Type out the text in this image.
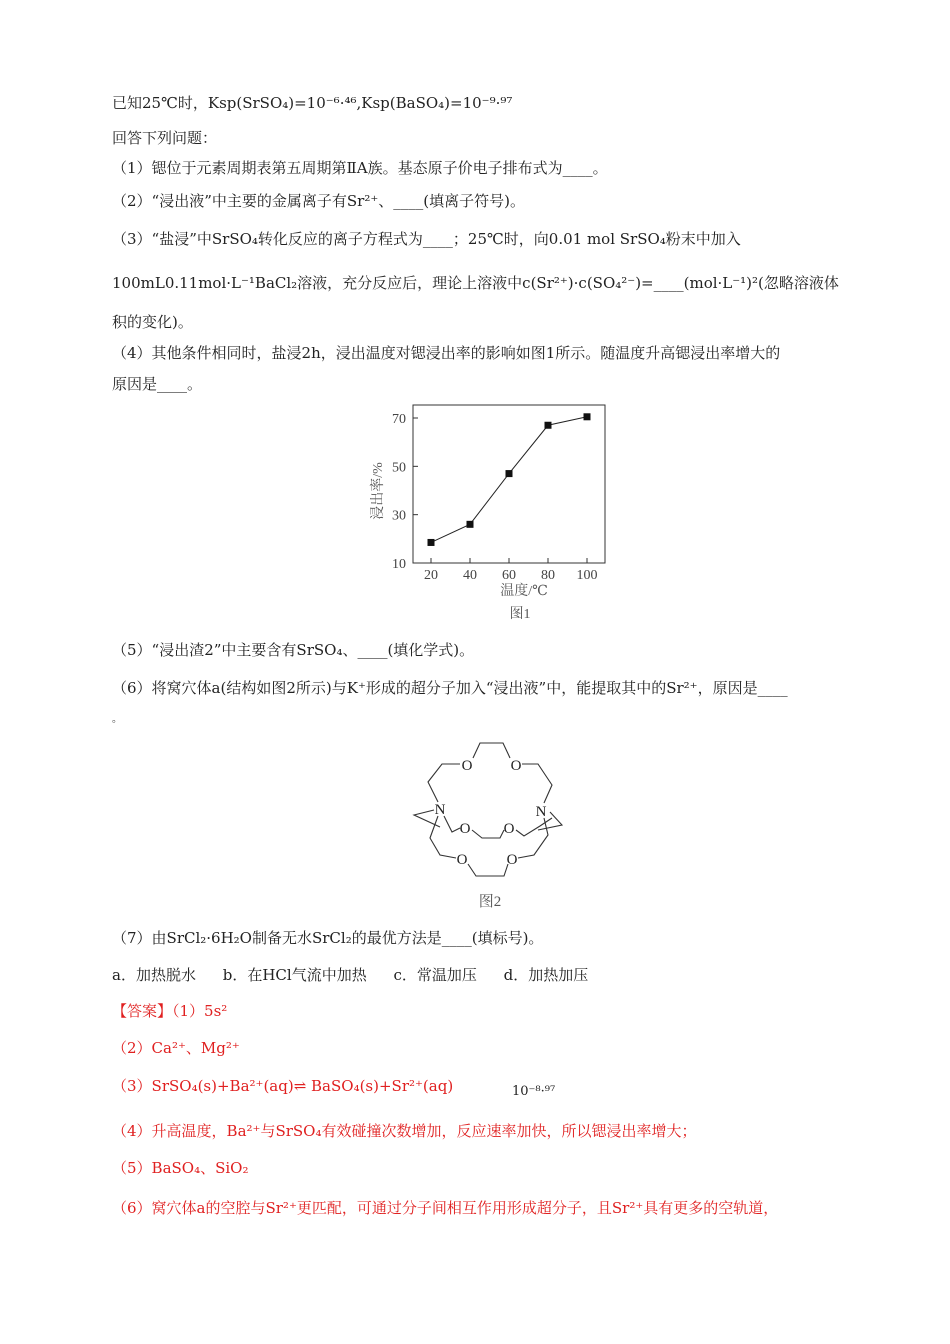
已知25℃时，Ksp(SrSO₄)=10⁻⁶·⁴⁶,Ksp(BaSO₄)=10⁻⁹·⁹⁷
回答下列问题：
（1）锶位于元素周期表第五周期第ⅡA族。基态原子价电子排布式为____。
（2）“浸出液”中主要的金属离子有Sr²⁺、____(填离子符号)。
（3）“盐浸”中SrSO₄转化反应的离子方程式为____；25℃时，向0.01 mol SrSO₄粉末中加入
100mL0.11mol·L⁻¹BaCl₂溶液，充分反应后，理论上溶液中c(Sr²⁺)·c(SO₄²⁻)=____(mol·L⁻¹)²(忽略溶液体
积的变化)。
（4）其他条件相同时，盐浸2h，浸出温度对锶浸出率的影响如图1所示。随温度升高锶浸出率增大的
原因是____。
10
30
50
70
20 40 60 80 100
浸出率/%
温度/℃
图1
（5）“浸出渣2”中主要含有SrSO₄、____(填化学式)。
（6）将窝穴体a(结构如图2所示)与K⁺形成的超分子加入“浸出液”中，能提取其中的Sr²⁺，原因是____
。
O	O
N	N
O O
O	O
图2
（7）由SrCl₂·6H₂O制备无水SrCl₂的最优方法是____(填标号)。
a．加热脱水 b．在HCl气流中加热 c．常温加压 d．加热加压
【答案】（1）5s²
（2）Ca²⁺、Mg²⁺
（3）SrSO₄(s)+Ba²⁺(aq)⇌ BaSO₄(s)+Sr²⁺(aq)	10⁻⁸·⁹⁷
（4）升高温度，Ba²⁺与SrSO₄有效碰撞次数增加，反应速率加快，所以锶浸出率增大；
（5）BaSO₄、SiO₂
（6）窝穴体a的空腔与Sr²⁺更匹配，可通过分子间相互作用形成超分子，且Sr²⁺具有更多的空轨道，
